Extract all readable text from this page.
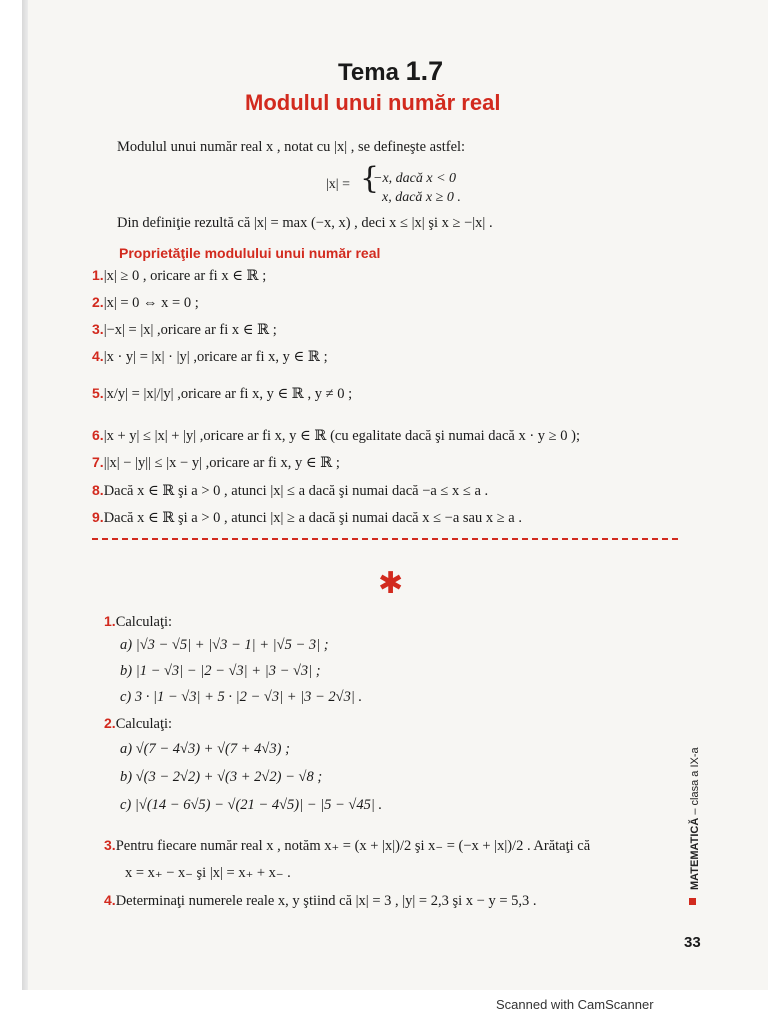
Tema 1.7
Modulul unui număr real
Modulul unui număr real x , notat cu |x| , se defineşte astfel:
|x| = {
−x, dacă x < 0
x, dacă x ≥ 0 .
Din definiţie rezultă că |x| = max (−x, x) , deci x ≤ |x| şi x ≥ −|x| .
Proprietăţile modulului unui număr real
1.|x| ≥ 0 , oricare ar fi x ∈ ℝ ;
2.|x| = 0 ⇔ x = 0 ;
3.|−x| = |x| ,oricare ar fi x ∈ ℝ ;
4.|x · y| = |x| · |y| ,oricare ar fi x, y ∈ ℝ ;
5.|x/y| = |x|/|y| ,oricare ar fi x, y ∈ ℝ , y ≠ 0 ;
6.|x + y| ≤ |x| + |y| ,oricare ar fi x, y ∈ ℝ (cu egalitate dacă şi numai dacă x · y ≥ 0 );
7.||x| − |y|| ≤ |x − y| ,oricare ar fi x, y ∈ ℝ ;
8.Dacă x ∈ ℝ şi a > 0 , atunci |x| ≤ a dacă şi numai dacă −a ≤ x ≤ a .
9.Dacă x ∈ ℝ şi a > 0 , atunci |x| ≥ a dacă şi numai dacă x ≤ −a sau x ≥ a .
✱
1.Calculaţi:
a) |√3 − √5| + |√3 − 1| + |√5 − 3| ;
b) |1 − √3| − |2 − √3| + |3 − √3| ;
c) 3 · |1 − √3| + 5 · |2 − √3| + |3 − 2√3| .
2.Calculaţi:
a) √(7 − 4√3) + √(7 + 4√3) ;
b) √(3 − 2√2) + √(3 + 2√2) − √8 ;
c) |√(14 − 6√5) − √(21 − 4√5)| − |5 − √45| .
3.Pentru fiecare număr real x , notăm x₊ = (x + |x|)/2 şi x₋ = (−x + |x|)/2 . Arătaţi că
x = x₊ − x₋ şi |x| = x₊ + x₋ .
4.Determinaţi numerele reale x, y ştiind că |x| = 3 , |y| = 2,3 şi x − y = 5,3 .
MATEMATICĂ – clasa a IX-a
33
Scanned with CamScanner
